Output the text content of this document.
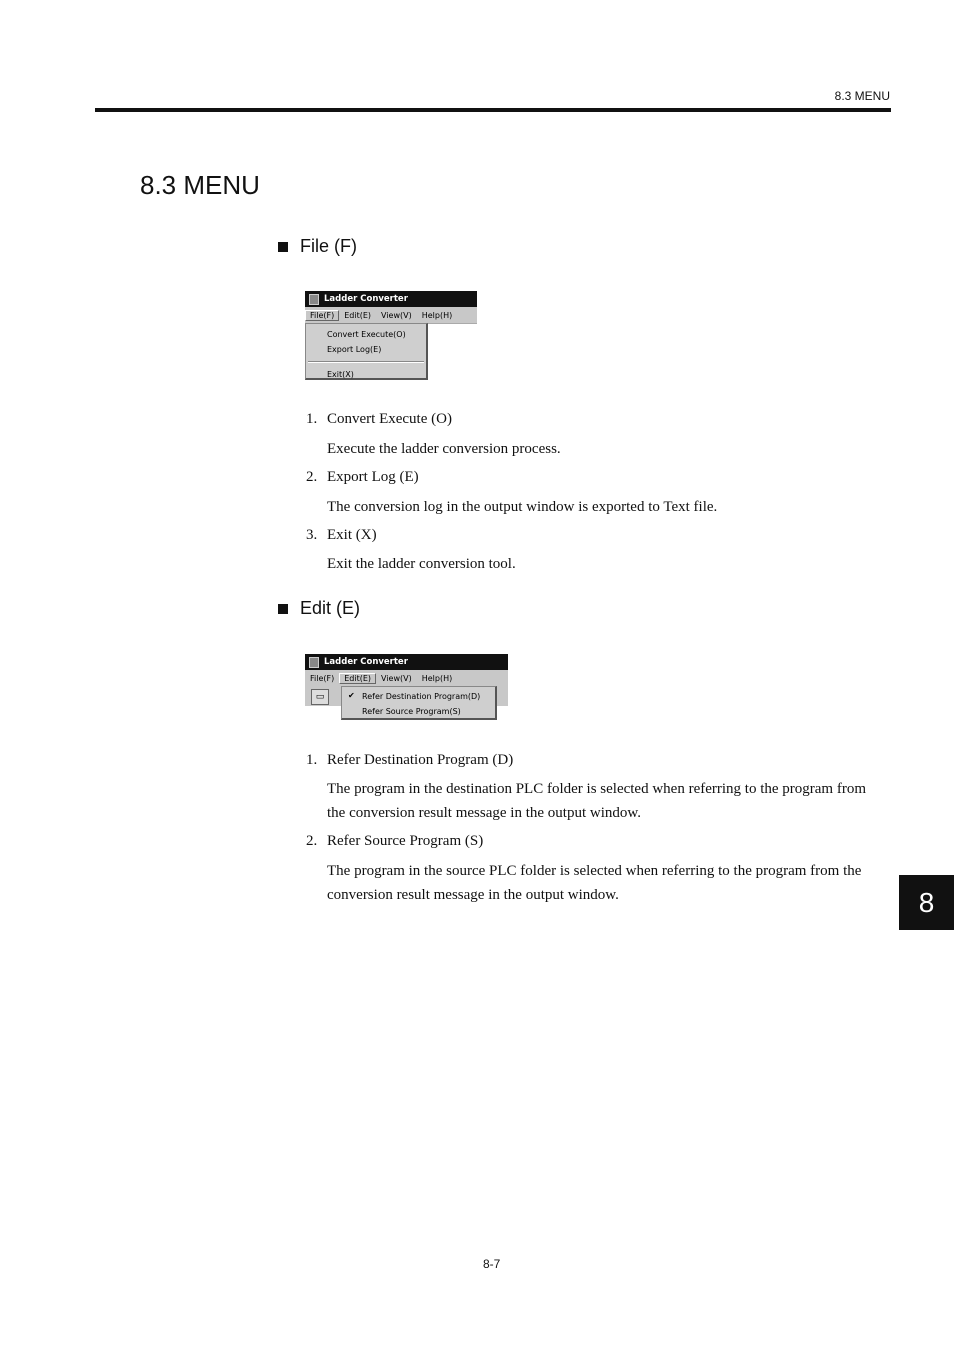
8.3 MENU
8.3 MENU
File (F)
Ladder Converter
File(F)	Edit(E)	View(V)	Help(H)
Convert Execute(O)
Export Log(E)
Exit(X)
1. Convert Execute (O)
Execute the ladder conversion process.
2. Export Log (E)
The conversion log in the output window is exported to Text file.
3. Exit (X)
Exit the ladder conversion tool.
Edit (E)
Ladder Converter
File(F)	Edit(E)	View(V)	Help(H)
▭	✔ Refer Destination Program(D)
Refer Source Program(S)
1. Refer Destination Program (D)
The program in the destination PLC folder is selected when referring to the program from the conversion result message in the output window.
2. Refer Source Program (S)
The program in the source PLC folder is selected when referring to the program from the conversion result message in the output window.	8
8-7
